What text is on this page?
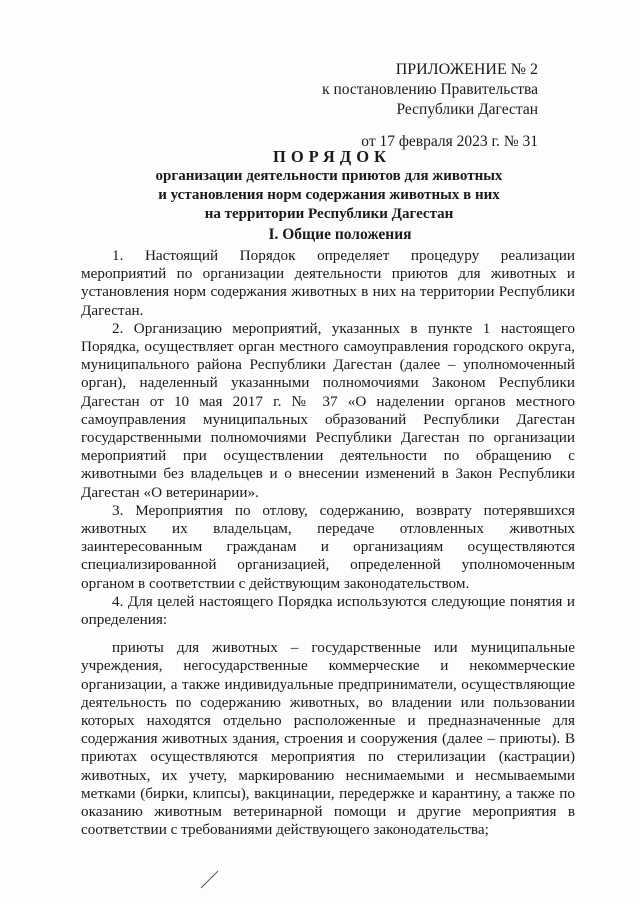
ПРИЛОЖЕНИЕ № 2
к постановлению Правительства
Республики Дагестан
от 17 февраля 2023 г. № 31
ПОРЯДОК
организации деятельности приютов для животных
и установления норм содержания животных в них
на территории Республики Дагестан
I. Общие положения

1. Настоящий Порядок определяет процедуру реализации мероприятий по организации деятельности приютов для животных и установления норм содержания животных в них на территории Республики Дагестан.

2. Организацию мероприятий, указанных в пункте 1 настоящего Порядка, осуществляет орган местного самоуправления городского округа, муниципального района Республики Дагестан (далее – уполномоченный орган), наделенный указанными полномочиями Законом Республики Дагестан от 10 мая 2017 г. № 37 «О наделении органов местного самоуправления муниципальных образований Республики Дагестан государственными полномочиями Республики Дагестан по организации мероприятий при осуществлении деятельности по обращению с животными без владельцев и о внесении изменений в Закон Республики Дагестан «О ветеринарии».

3. Мероприятия по отлову, содержанию, возврату потерявшихся животных их владельцам, передаче отловленных животных заинтересованным гражданам и организациям осуществляются специализированной организацией, определенной уполномоченным органом в соответствии с действующим законодательством.

4. Для целей настоящего Порядка используются следующие понятия и определения:

приюты для животных – государственные или муниципальные учреждения, негосударственные коммерческие и некоммерческие организации, а также индивидуальные предприниматели, осуществляющие деятельность по содержанию животных, во владении или пользовании которых находятся отдельно расположенные и предназначенные для содержания животных здания, строения и сооружения (далее – приюты). В приютах осуществляются мероприятия по стерилизации (кастрации) животных, их учету, маркированию неснимаемыми и несмываемыми метками (бирки, клипсы), вакцинации, передержке и карантину, а также по оказанию животным ветеринарной помощи и другие мероприятия в соответствии с требованиями действующего законодательства;
